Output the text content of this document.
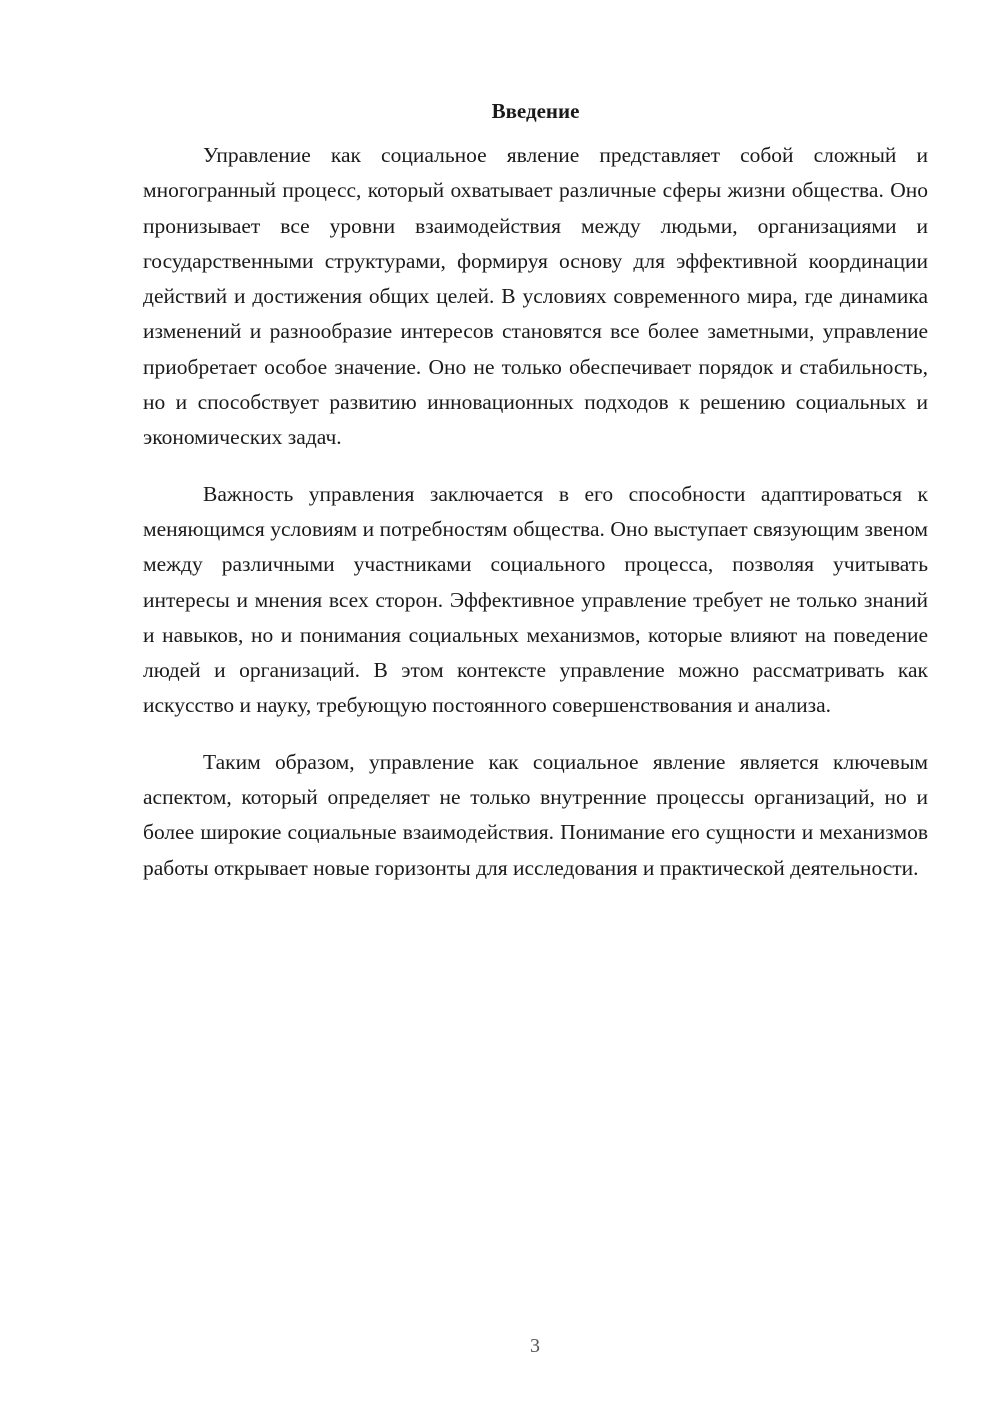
Введение

Управление как социальное явление представляет собой сложный и многогранный процесс, который охватывает различные сферы жизни общества. Оно пронизывает все уровни взаимодействия между людьми, организациями и государственными структурами, формируя основу для эффективной координации действий и достижения общих целей. В условиях современного мира, где динамика изменений и разнообразие интересов становятся все более заметными, управление приобретает особое значение. Оно не только обеспечивает порядок и стабильность, но и способствует развитию инновационных подходов к решению социальных и экономических задач.

Важность управления заключается в его способности адаптироваться к меняющимся условиям и потребностям общества. Оно выступает связующим звеном между различными участниками социального процесса, позволяя учитывать интересы и мнения всех сторон. Эффективное управление требует не только знаний и навыков, но и понимания социальных механизмов, которые влияют на поведение людей и организаций. В этом контексте управление можно рассматривать как искусство и науку, требующую постоянного совершенствования и анализа.

Таким образом, управление как социальное явление является ключевым аспектом, который определяет не только внутренние процессы организаций, но и более широкие социальные взаимодействия. Понимание его сущности и механизмов работы открывает новые горизонты для исследования и практической деятельности.

3
